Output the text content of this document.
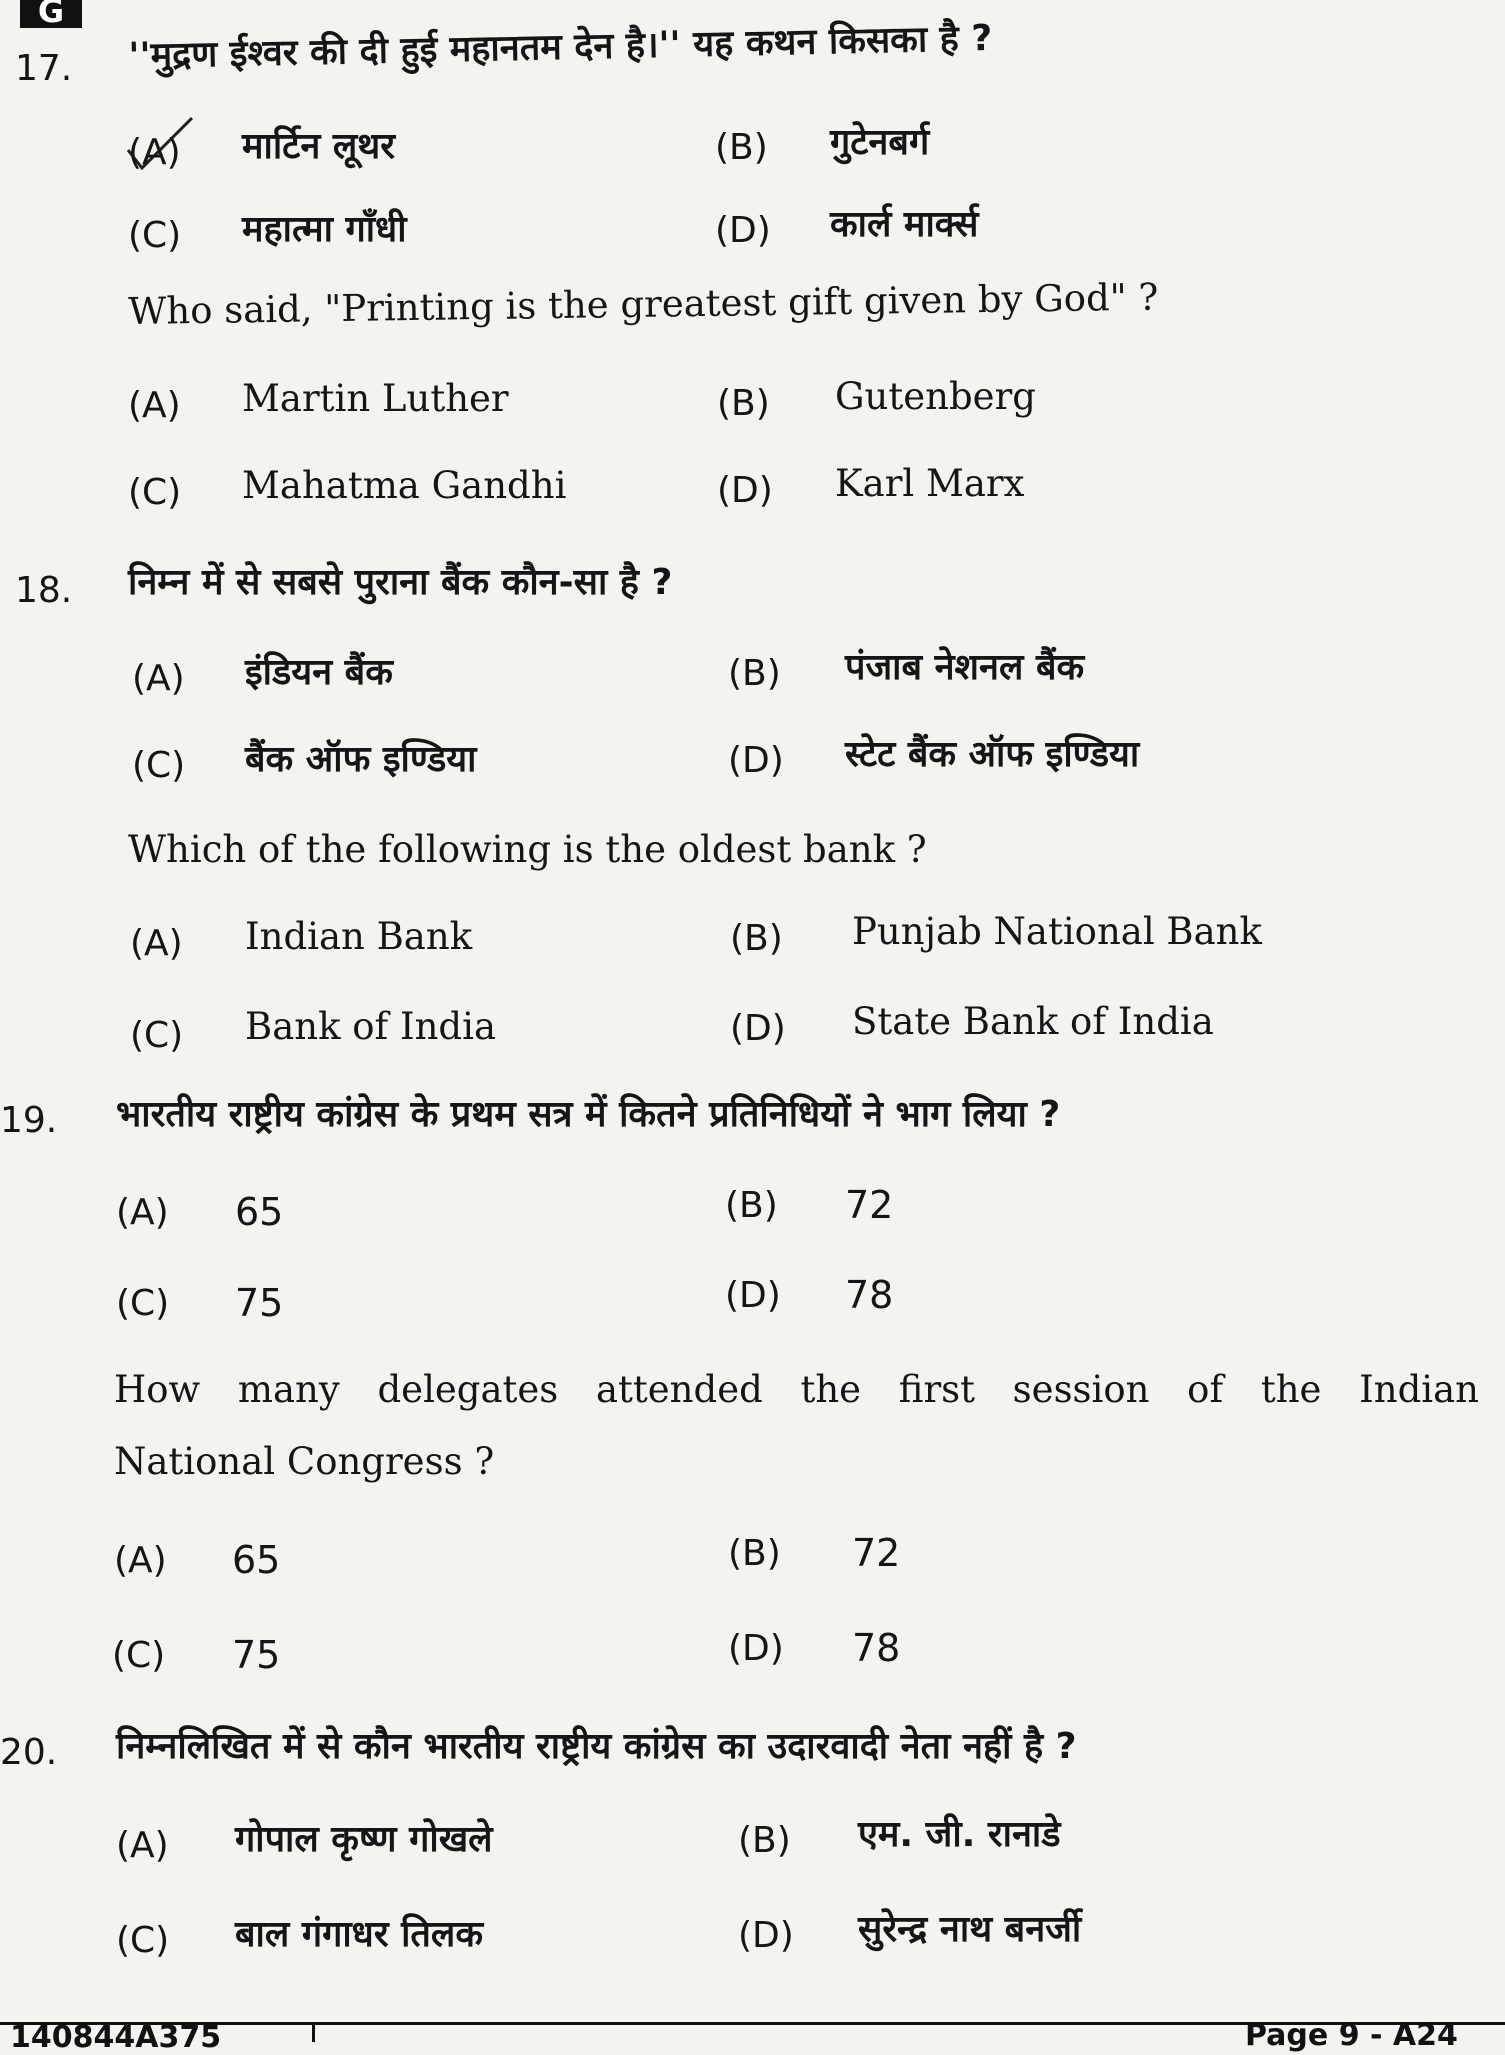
G
17. ''मुद्रण ईश्वर की दी हुई महानतम देन है।'' यह कथन किसका है ?
(A) मार्टिन लूथर	(B) गुटेनबर्ग
(C) महात्मा गाँधी	(D) कार्ल मार्क्स
Who said, "Printing is the greatest gift given by God" ?
(A) Martin Luther	(B) Gutenberg
(C) Mahatma Gandhi	(D) Karl Marx
18. निम्न में से सबसे पुराना बैंक कौन-सा है ?
(A) इंडियन बैंक	(B) पंजाब नेशनल बैंक
(C) बैंक ऑफ इण्डिया	(D) स्टेट बैंक ऑफ इण्डिया
Which of the following is the oldest bank ?
(A) Indian Bank	(B) Punjab National Bank
(C) Bank of India	(D) State Bank of India
19. भारतीय राष्ट्रीय कांग्रेस के प्रथम सत्र में कितने प्रतिनिधियों ने भाग लिया ?
(A) 65	(B) 72
(C) 75	(D) 78
How many delegates attended the first session of the Indian
National Congress ?
(A) 65	(B) 72
(C) 75	(D) 78
20. निम्नलिखित में से कौन भारतीय राष्ट्रीय कांग्रेस का उदारवादी नेता नहीं है ?
(A) गोपाल कृष्ण गोखले	(B) एम. जी. रानाडे
(C) बाल गंगाधर तिलक	(D) सुरेन्द्र नाथ बनर्जी
140844A375	Page 9 - A24
